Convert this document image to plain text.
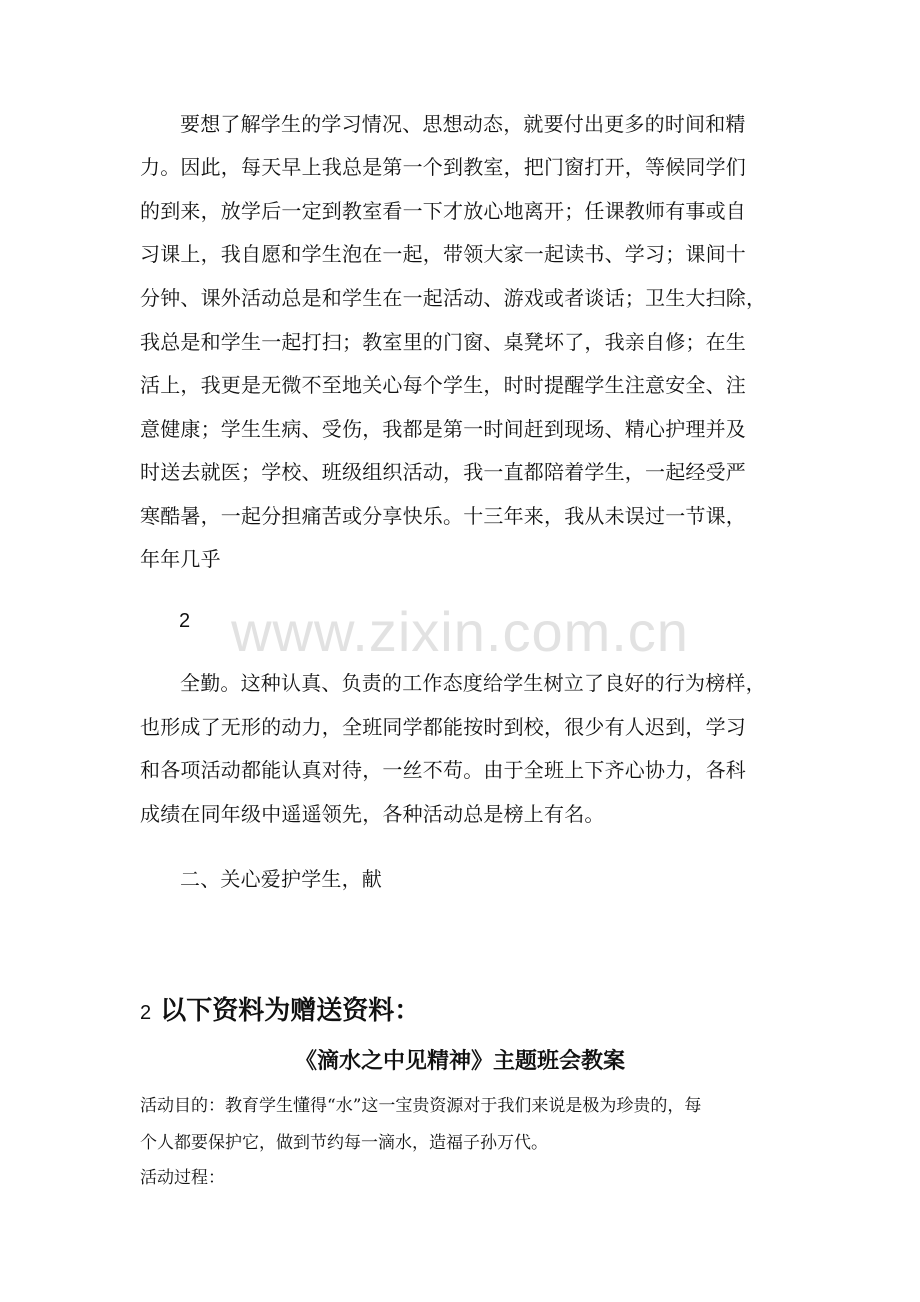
要想了解学生的学习情况、思想动态，就要付出更多的时间和精
力。因此，每天早上我总是第一个到教室，把门窗打开，等候同学们
的到来，放学后一定到教室看一下才放心地离开；任课教师有事或自
习课上，我自愿和学生泡在一起，带领大家一起读书、学习；课间十
分钟、课外活动总是和学生在一起活动、游戏或者谈话；卫生大扫除，
我总是和学生一起打扫；教室里的门窗、桌凳坏了，我亲自修；在生
活上，我更是无微不至地关心每个学生，时时提醒学生注意安全、注
意健康；学生生病、受伤，我都是第一时间赶到现场、精心护理并及
时送去就医；学校、班级组织活动，我一直都陪着学生，一起经受严
寒酷暑，一起分担痛苦或分享快乐。十三年来，我从未误过一节课，
年年几乎
www.zixin.com.cn
2
全勤。这种认真、负责的工作态度给学生树立了良好的行为榜样，
也形成了无形的动力，全班同学都能按时到校，很少有人迟到，学习
和各项活动都能认真对待，一丝不苟。由于全班上下齐心协力，各科
成绩在同年级中遥遥领先，各种活动总是榜上有名。
二、关心爱护学生，献
2 以下资料为赠送资料：
《滴水之中见精神》主题班会教案
活动目的：教育学生懂得“水”这一宝贵资源对于我们来说是极为珍贵的，每
个人都要保护它，做到节约每一滴水，造福子孙万代。
活动过程：
